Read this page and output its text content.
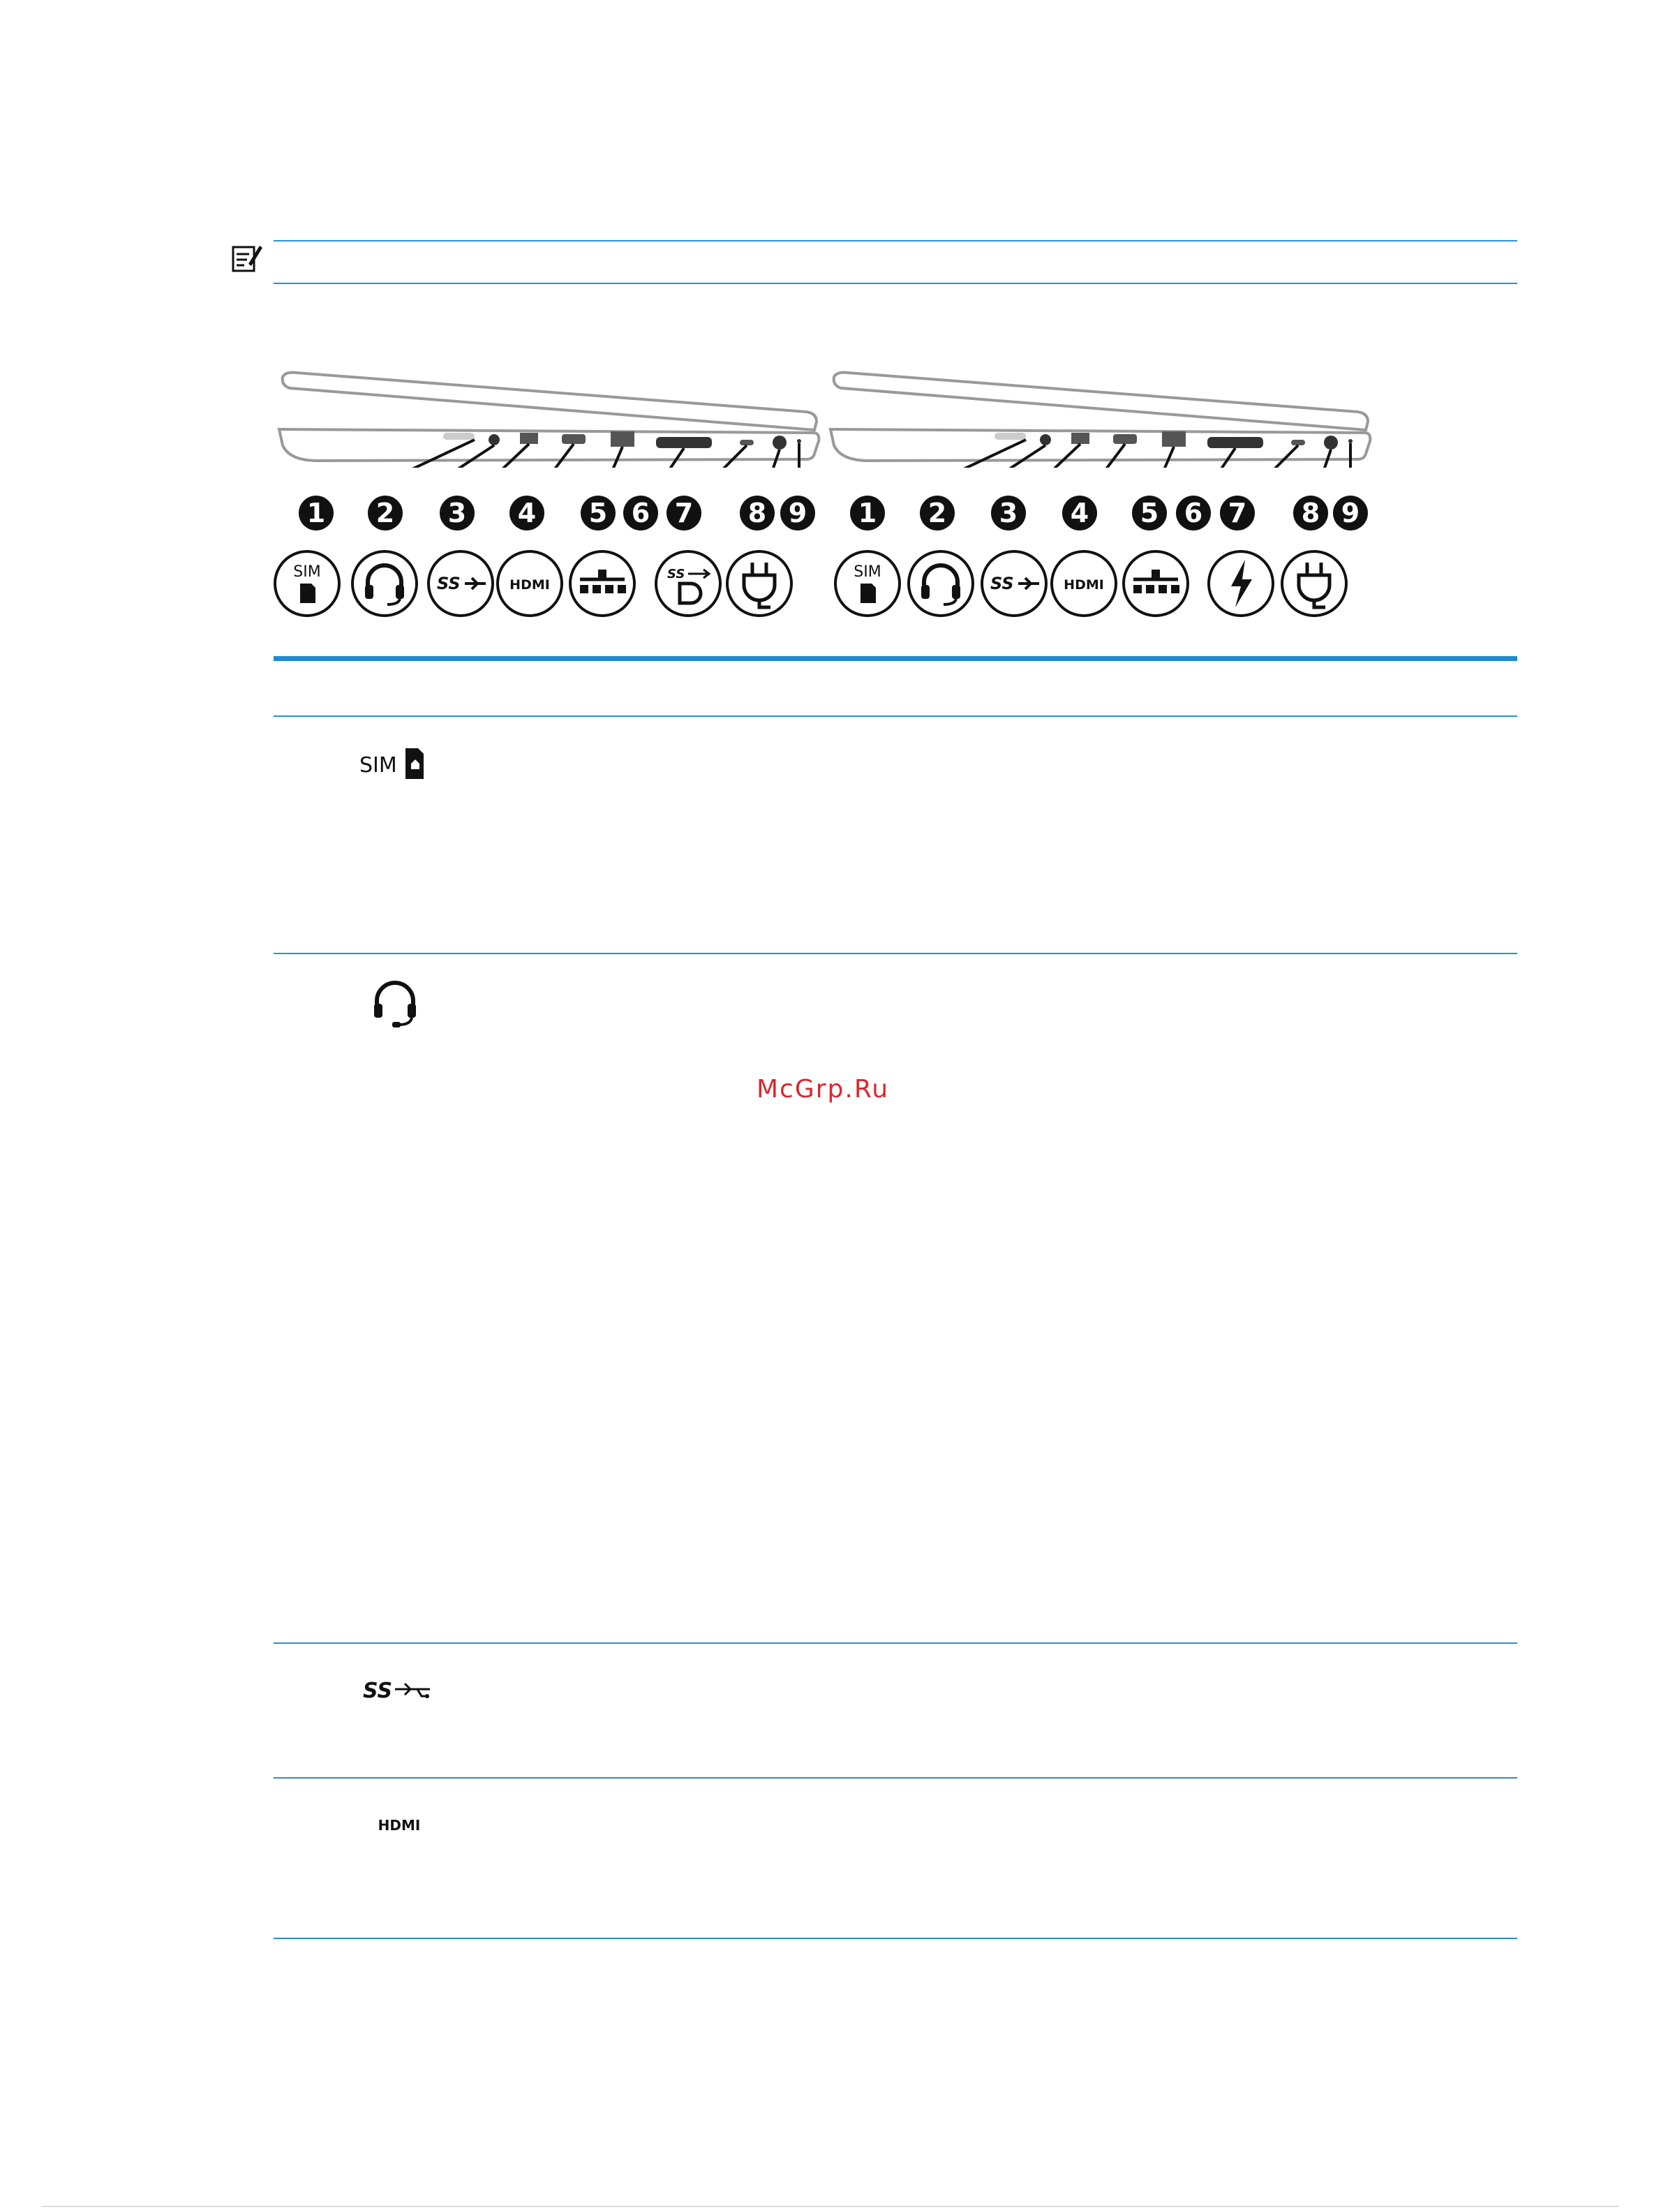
1	2	3	4	5 6 7	8 9	1	2	3	4	5 6 7	8 9
SIM
SS	HDMI
SS	SIM
SS	HDMI
SIM
SS
HDMI
McGrp.Ru
